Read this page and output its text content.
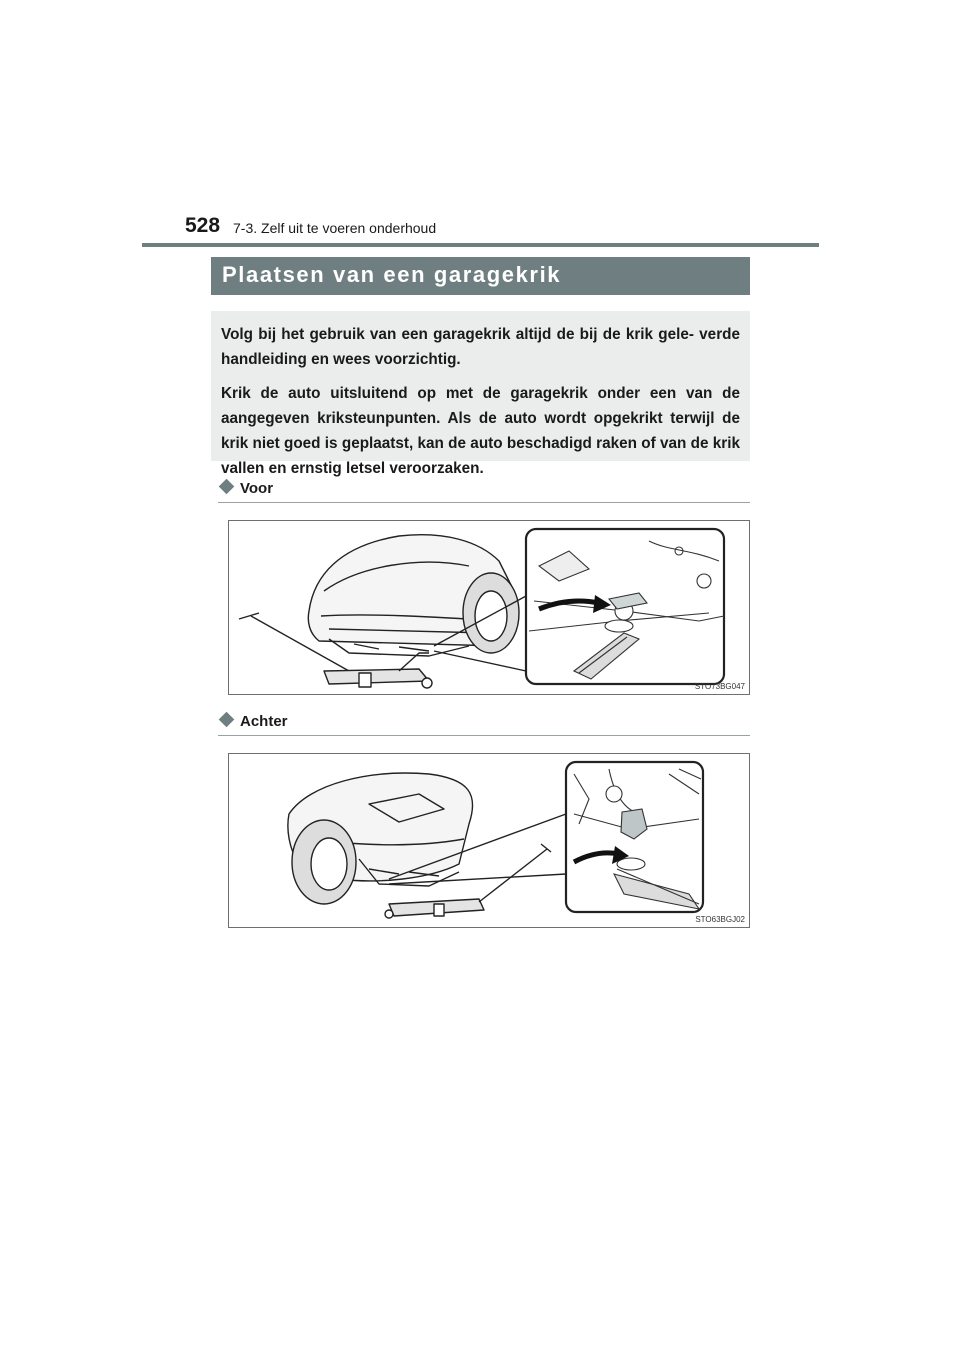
528 7-3. Zelf uit te voeren onderhoud
Plaatsen van een garagekrik

Volg bij het gebruik van een garagekrik altijd de bij de krik gele- verde handleiding en wees voorzichtig.

Krik de auto uitsluitend op met de garagekrik onder een van de aangegeven kriksteunpunten. Als de auto wordt opgekrikt terwijl de krik niet goed is geplaatst, kan de auto beschadigd raken of van de krik vallen en ernstig letsel veroorzaken.

Voor
STO73BG047
Achter
STO63BGJ02
